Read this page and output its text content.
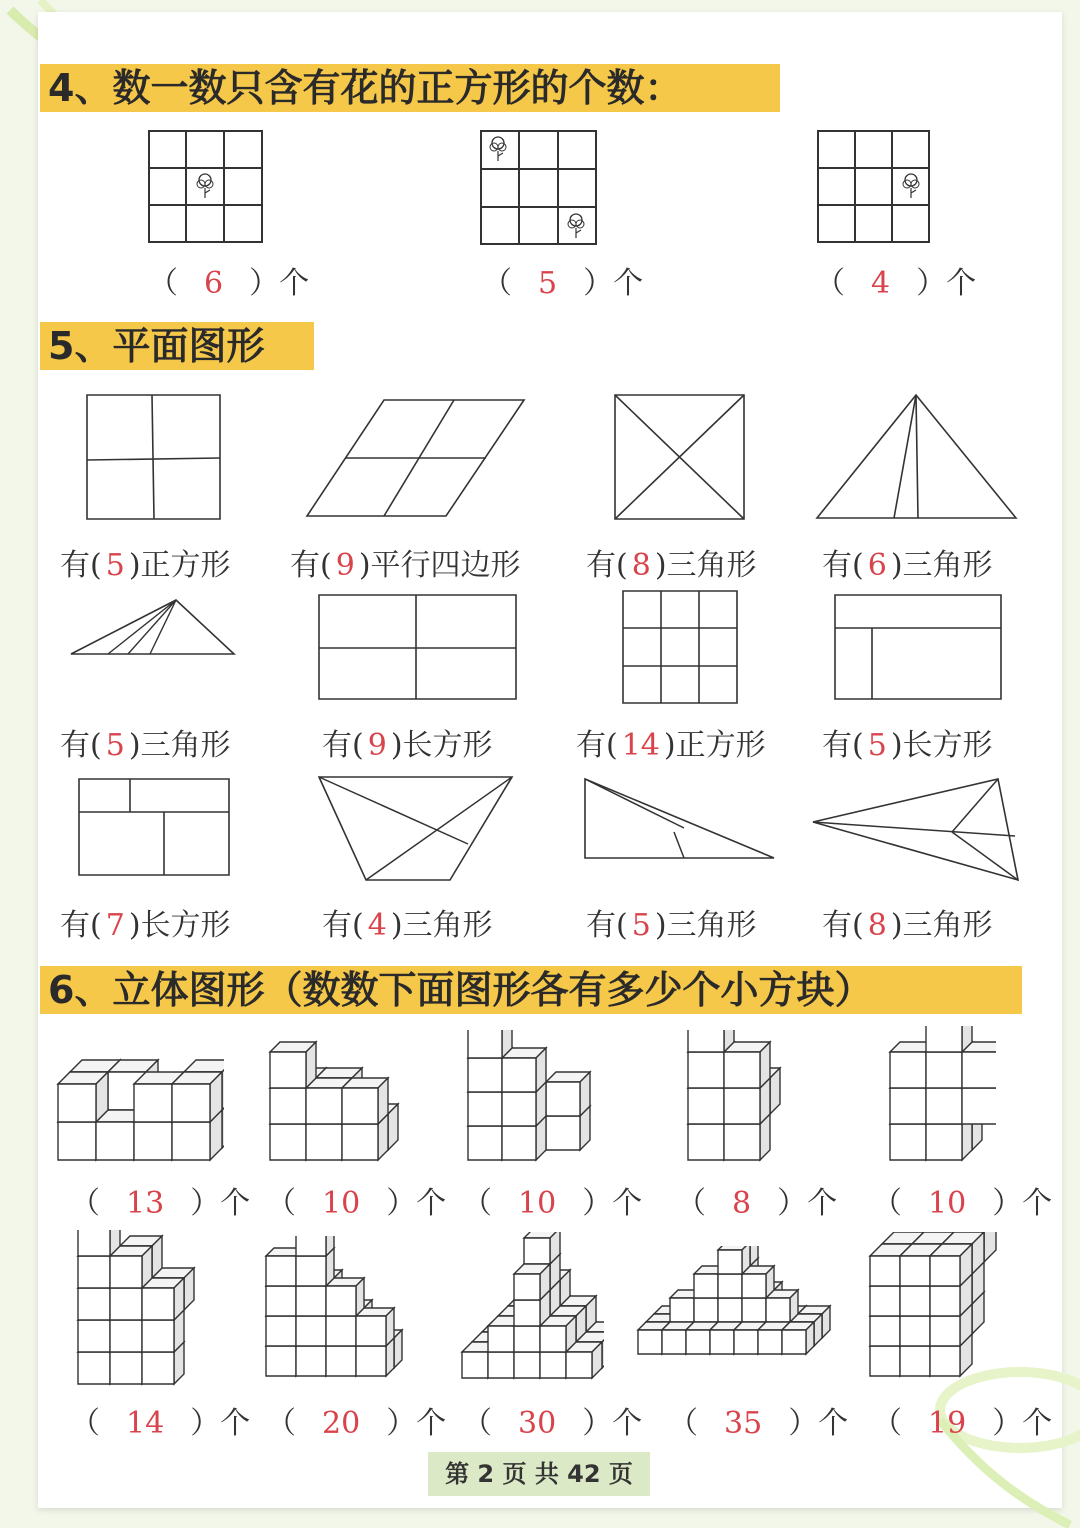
4、数一数只含有花的正方形的个数：
（ 6 ）个	（ 5 ）个	（ 4 ）个
5、平面图形
有( 5 )正方形 有( 9 )平行四边形 有( 8 )三角形 有( 6 )三角形
有( 5 )三角形	有( 9 )长方形	有( 14 )正方形 有( 5 )长方形
有( 7 )长方形	有( 4 )三角形	有( 5 )三角形 有( 8 )三角形
6、立体图形（数数下面图形各有多少个小方块）
（ 13 ）个 （ 10 ）个 （ 10 ）个 （ 8 ）个 （ 10 ）个
（ 14 ）个 （ 20 ）个 （ 30 ）个 （ 35 ）个 （ 19 ）个
第 2 页 共 42 页
